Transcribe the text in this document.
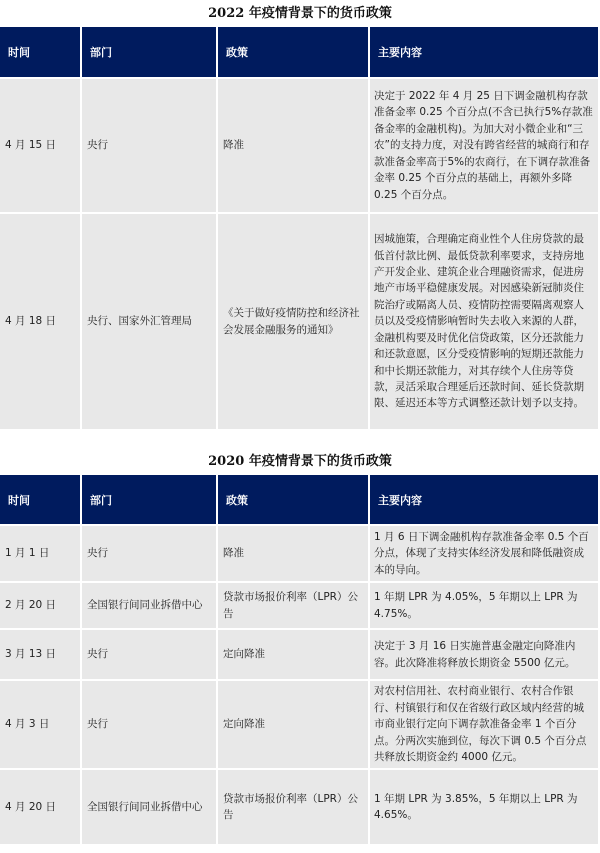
2022 年疫情背景下的货币政策
时间	部门	政策	主要内容
4 月 15 日	央行	降准	决定于 2022 年 4 月 25 日下调金融机构存款准备金率 0.25 个百分点(不含已执行5%存款准备金率的金融机构)。为加大对小微企业和“三农”的支持力度，对没有跨省经营的城商行和存款准备金率高于5%的农商行，在下调存款准备金率 0.25 个百分点的基础上，再额外多降 0.25 个百分点。
4 月 18 日	央行、国家外汇管理局	《关于做好疫情防控和经济社会发展金融服务的通知》	因城施策，合理确定商业性个人住房贷款的最低首付款比例、最低贷款利率要求，支持房地产开发企业、建筑企业合理融资需求，促进房地产市场平稳健康发展。对因感染新冠肺炎住院治疗或隔离人员、疫情防控需要隔离观察人员以及受疫情影响暂时失去收入来源的人群，金融机构要及时优化信贷政策，区分还款能力和还款意愿，区分受疫情影响的短期还款能力和中长期还款能力，对其存续个人住房等贷款，灵活采取合理延后还款时间、延长贷款期限、延迟还本等方式调整还款计划予以支持。
2020 年疫情背景下的货币政策
时间	部门	政策	主要内容
1 月 1 日	央行	降准	1 月 6 日下调金融机构存款准备金率 0.5 个百分点，体现了支持实体经济发展和降低融资成本的导向。
2 月 20 日	全国银行间同业拆借中心	贷款市场报价利率（LPR）公告	1 年期 LPR 为 4.05%，5 年期以上 LPR 为 4.75%。
3 月 13 日	央行	定向降准	决定于 3 月 16 日实施普惠金融定向降准内容。此次降准将释放长期资金 5500 亿元。
4 月 3 日	央行	定向降准	对农村信用社、农村商业银行、农村合作银行、村镇银行和仅在省级行政区域内经营的城市商业银行定向下调存款准备金率 1 个百分点。分两次实施到位，每次下调 0.5 个百分点 共释放长期资金约 4000 亿元。
4 月 20 日	全国银行间同业拆借中心	贷款市场报价利率（LPR）公告	1 年期 LPR 为 3.85%，5 年期以上 LPR 为 4.65%。
